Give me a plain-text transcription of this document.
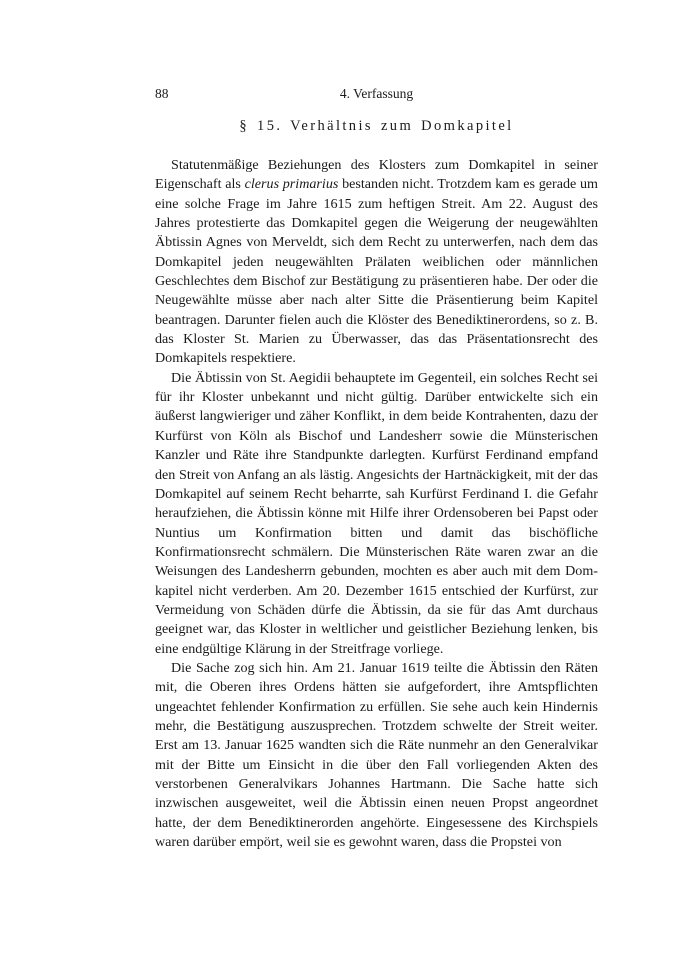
88	4. Verfassung
§ 15. Verhältnis zum Domkapitel

Statutenmäßige Beziehungen des Klosters zum Domkapitel in seiner Eigenschaft als clerus primarius bestanden nicht. Trotzdem kam es gerade um eine solche Frage im Jahre 1615 zum heftigen Streit. Am 22. August des Jahres protestierte das Domkapitel gegen die Weigerung der neugewählten Äbtissin Agnes von Merveldt, sich dem Recht zu unterwerfen, nach dem das Domkapitel jeden neugewählten Prälaten weiblichen oder männlichen Geschlechtes dem Bischof zur Bestätigung zu präsentieren habe. Der oder die Neugewählte müsse aber nach alter Sitte die Präsentierung beim Kapitel beantragen. Darunter fielen auch die Klöster des Benediktinerordens, so z. B. das Kloster St. Marien zu Überwasser, das das Präsentationsrecht des Domkapitels respektiere.

Die Äbtissin von St. Aegidii behauptete im Gegenteil, ein solches Recht sei für ihr Kloster unbekannt und nicht gültig. Darüber entwickelte sich ein äußerst langwieriger und zäher Konflikt, in dem beide Kontrahenten, dazu der Kurfürst von Köln als Bischof und Landesherr sowie die Münsterischen Kanzler und Räte ihre Standpunkte darlegten. Kurfürst Ferdinand empfand den Streit von Anfang an als lästig. Angesichts der Hartnäckigkeit, mit der das Domkapitel auf seinem Recht beharrte, sah Kurfürst Ferdinand I. die Gefahr heraufziehen, die Äbtissin könne mit Hilfe ihrer Ordensoberen bei Papst oder Nuntius um Konfirmation bitten und damit das bischöfliche Konfirmationsrecht schmälern. Die Münsterischen Räte waren zwar an die Weisungen des Landesherrn gebunden, mochten es aber auch mit dem Domkapitel nicht verderben. Am 20. Dezember 1615 entschied der Kurfürst, zur Vermeidung von Schäden dürfe die Äbtissin, da sie für das Amt durchaus geeignet war, das Kloster in weltlicher und geistlicher Beziehung lenken, bis eine endgültige Klärung in der Streitfrage vorliege.

Die Sache zog sich hin. Am 21. Januar 1619 teilte die Äbtissin den Räten mit, die Oberen ihres Ordens hätten sie aufgefordert, ihre Amtspflichten ungeachtet fehlender Konfirmation zu erfüllen. Sie sehe auch kein Hindernis mehr, die Bestätigung auszusprechen. Trotzdem schwelte der Streit weiter. Erst am 13. Januar 1625 wandten sich die Räte nunmehr an den Generalvikar mit der Bitte um Einsicht in die über den Fall vorliegenden Akten des verstorbenen Generalvikars Johannes Hartmann. Die Sache hatte sich inzwischen ausgeweitet, weil die Äbtissin einen neuen Propst angeordnet hatte, der dem Benediktinerorden angehörte. Eingesessene des Kirchspiels waren darüber empört, weil sie es gewohnt waren, dass die Propstei von
